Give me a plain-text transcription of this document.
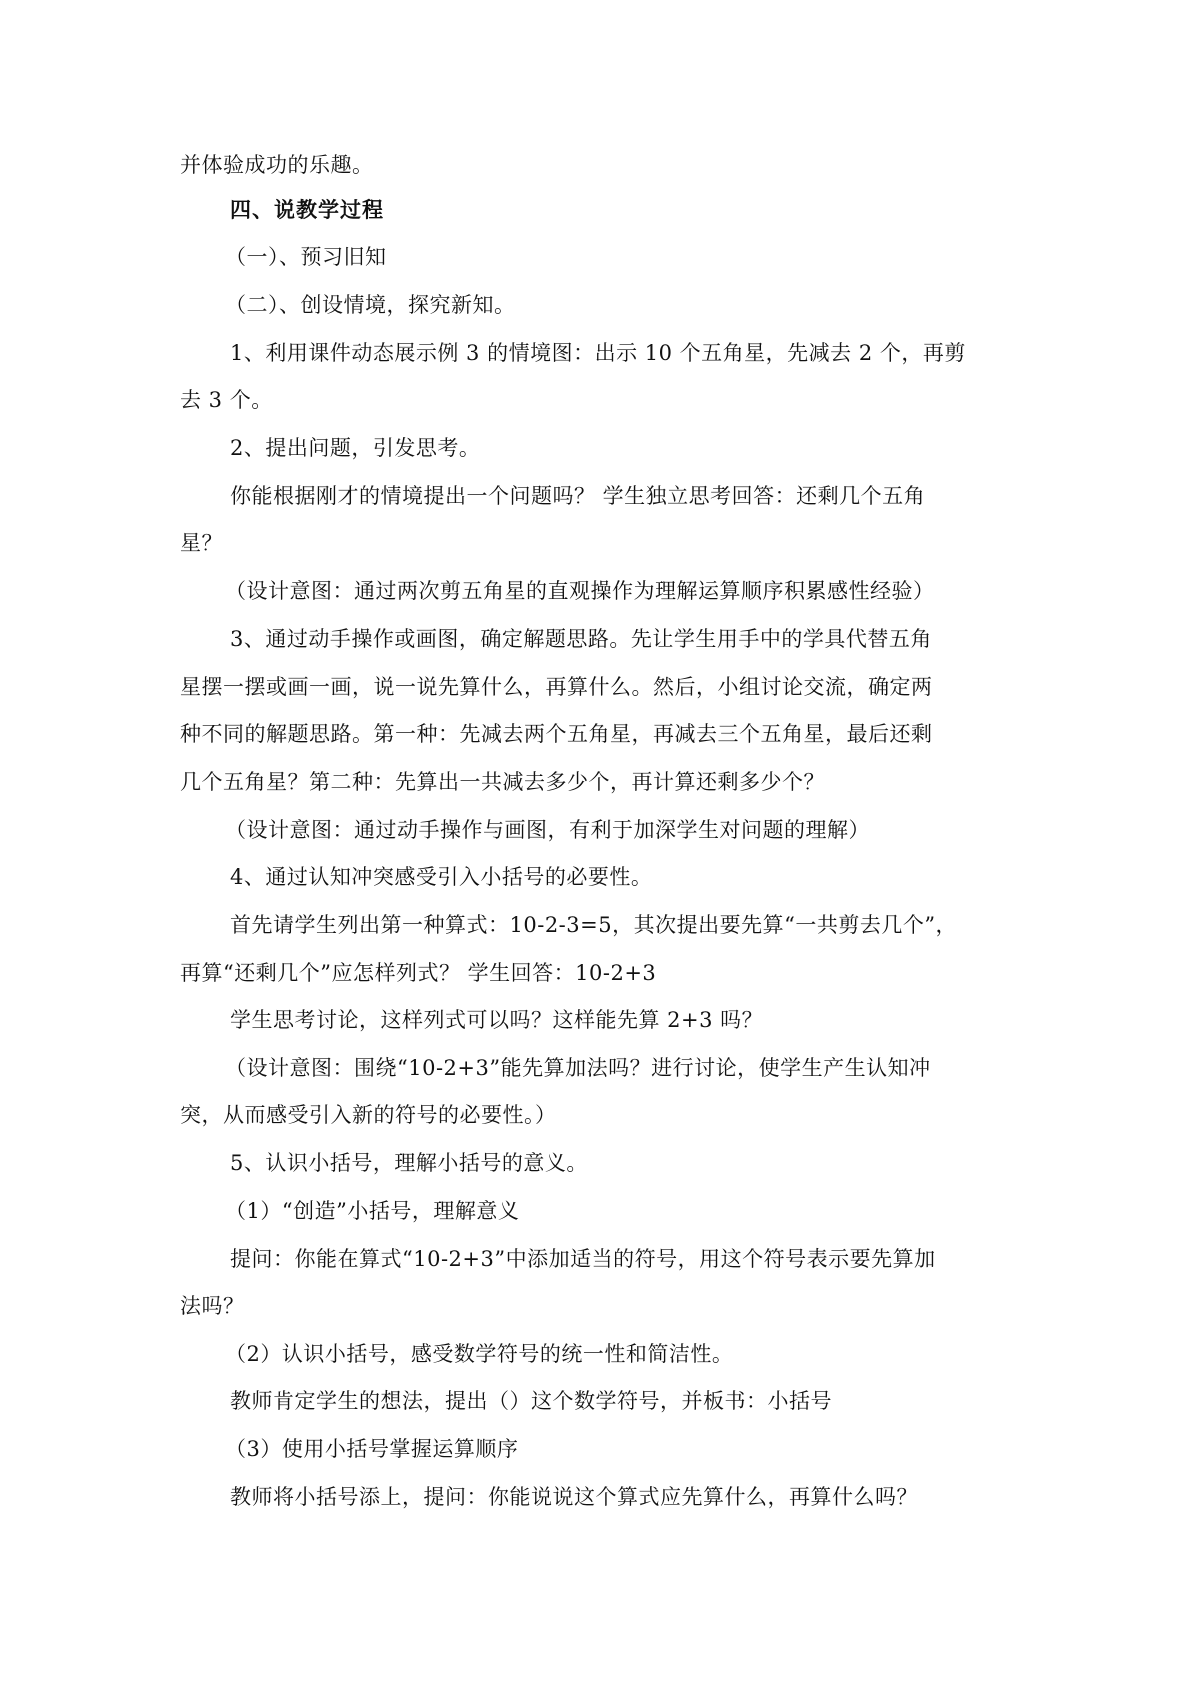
并体验成功的乐趣。
四、说教学过程
（一）、预习旧知
（二）、创设情境，探究新知。
1、利用课件动态展示例 3 的情境图：出示 10 个五角星，先减去 2 个，再剪
去 3 个。
2、提出问题，引发思考。
你能根据刚才的情境提出一个问题吗？ 学生独立思考回答：还剩几个五角
星？
（设计意图：通过两次剪五角星的直观操作为理解运算顺序积累感性经验）
3、通过动手操作或画图，确定解题思路。先让学生用手中的学具代替五角
星摆一摆或画一画，说一说先算什么，再算什么。然后，小组讨论交流，确定两
种不同的解题思路。第一种：先减去两个五角星，再减去三个五角星，最后还剩
几个五角星？第二种：先算出一共减去多少个，再计算还剩多少个？
（设计意图：通过动手操作与画图，有利于加深学生对问题的理解）
4、通过认知冲突感受引入小括号的必要性。
首先请学生列出第一种算式：10-2-3=5，其次提出要先算“一共剪去几个”，
再算“还剩几个”应怎样列式？ 学生回答：10-2+3
学生思考讨论，这样列式可以吗？这样能先算 2+3 吗？
（设计意图：围绕“10-2+3”能先算加法吗？进行讨论，使学生产生认知冲
突，从而感受引入新的符号的必要性。）
5、认识小括号，理解小括号的意义。
（1）“创造”小括号，理解意义
提问：你能在算式“10-2+3”中添加适当的符号，用这个符号表示要先算加
法吗？
（2）认识小括号，感受数学符号的统一性和简洁性。
教师肯定学生的想法，提出（）这个数学符号，并板书：小括号
（3）使用小括号掌握运算顺序
教师将小括号添上，提问：你能说说这个算式应先算什么，再算什么吗？
